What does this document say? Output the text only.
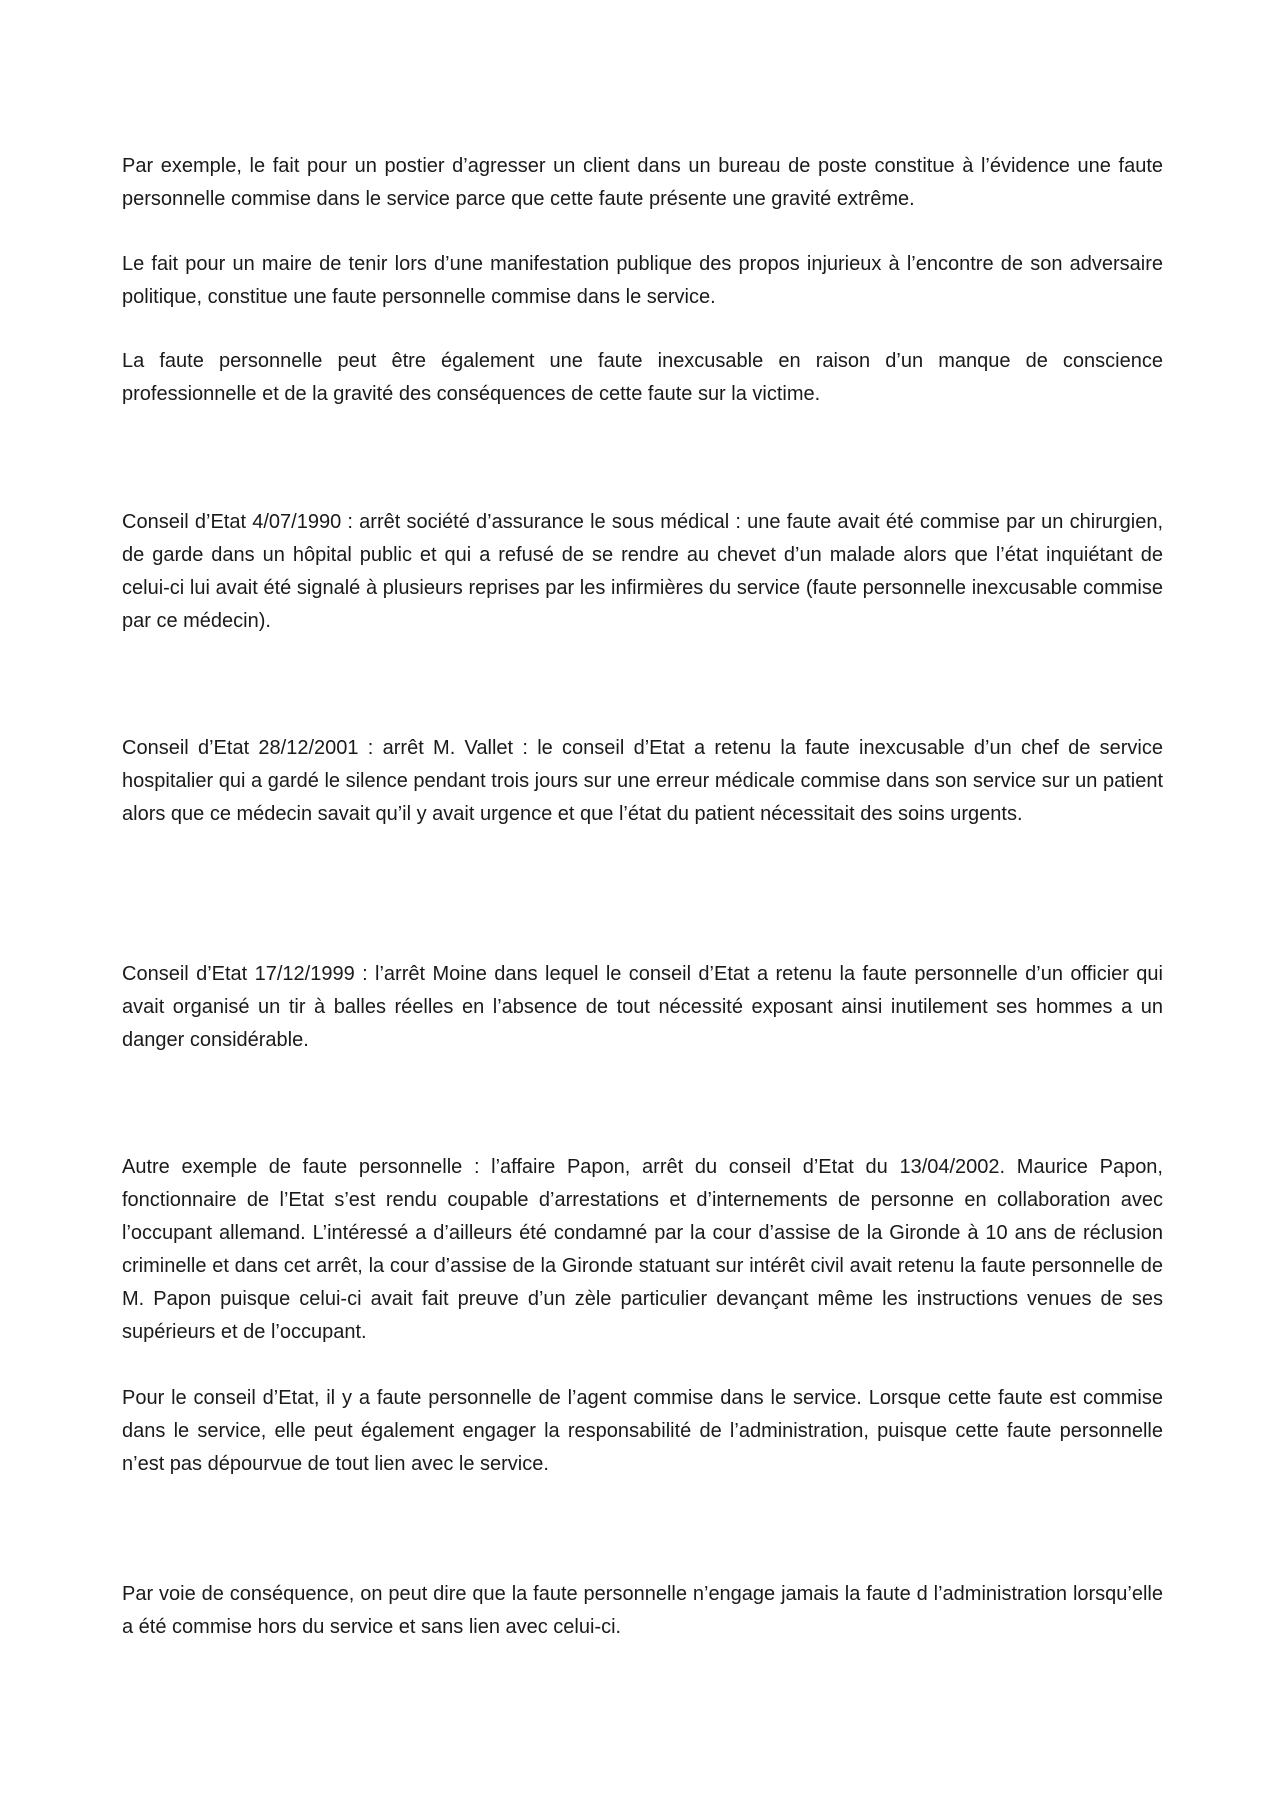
Par exemple, le fait pour un postier d’agresser un client dans un bureau de poste constitue à l’évidence une faute personnelle commise dans le service parce que cette faute présente une gravité extrême.

Le fait pour un maire de tenir lors d’une manifestation publique des propos injurieux à l’encontre de son adversaire politique, constitue une faute personnelle commise dans le service.

La faute personnelle peut être également une faute inexcusable en raison d’un manque de conscience professionnelle et de la gravité des conséquences de cette faute sur la victime.

Conseil d’Etat 4/07/1990 : arrêt société d’assurance le sous médical : une faute avait été commise par un chirurgien, de garde dans un hôpital public et qui a refusé de se rendre au chevet d’un malade alors que l’état inquiétant de celui-ci lui avait été signalé à plusieurs reprises par les infirmières du service (faute personnelle inexcusable commise par ce médecin).

Conseil d’Etat 28/12/2001 : arrêt M. Vallet : le conseil d’Etat a retenu la faute inexcusable d’un chef de service hospitalier qui a gardé le silence pendant trois jours sur une erreur médicale commise dans son service sur un patient alors que ce médecin savait qu’il y avait urgence et que l’état du patient nécessitait des soins urgents.

Conseil d’Etat 17/12/1999 : l’arrêt Moine dans lequel le conseil d’Etat a retenu la faute personnelle d’un officier qui avait organisé un tir à balles réelles en l’absence de tout nécessité exposant ainsi inutilement ses hommes a un danger considérable.

Autre exemple de faute personnelle : l’affaire Papon, arrêt du conseil d’Etat du 13/04/2002. Maurice Papon, fonctionnaire de l’Etat s’est rendu coupable d’arrestations et d’internements de personne en collaboration avec l’occupant allemand. L’intéressé a d’ailleurs été condamné par la cour d’assise de la Gironde à 10 ans de réclusion criminelle et dans cet arrêt, la cour d’assise de la Gironde statuant sur intérêt civil avait retenu la faute personnelle de M. Papon puisque celui-ci avait fait preuve d’un zèle particulier devançant même les instructions venues de ses supérieurs et de l’occupant.

Pour le conseil d’Etat, il y a faute personnelle de l’agent commise dans le service. Lorsque cette faute est commise dans le service, elle peut également engager la responsabilité de l’administration, puisque cette faute personnelle n’est pas dépourvue de tout lien avec le service.

Par voie de conséquence, on peut dire que la faute personnelle n’engage jamais la faute d l’administration lorsqu’elle a été commise hors du service et sans lien avec celui-ci.
